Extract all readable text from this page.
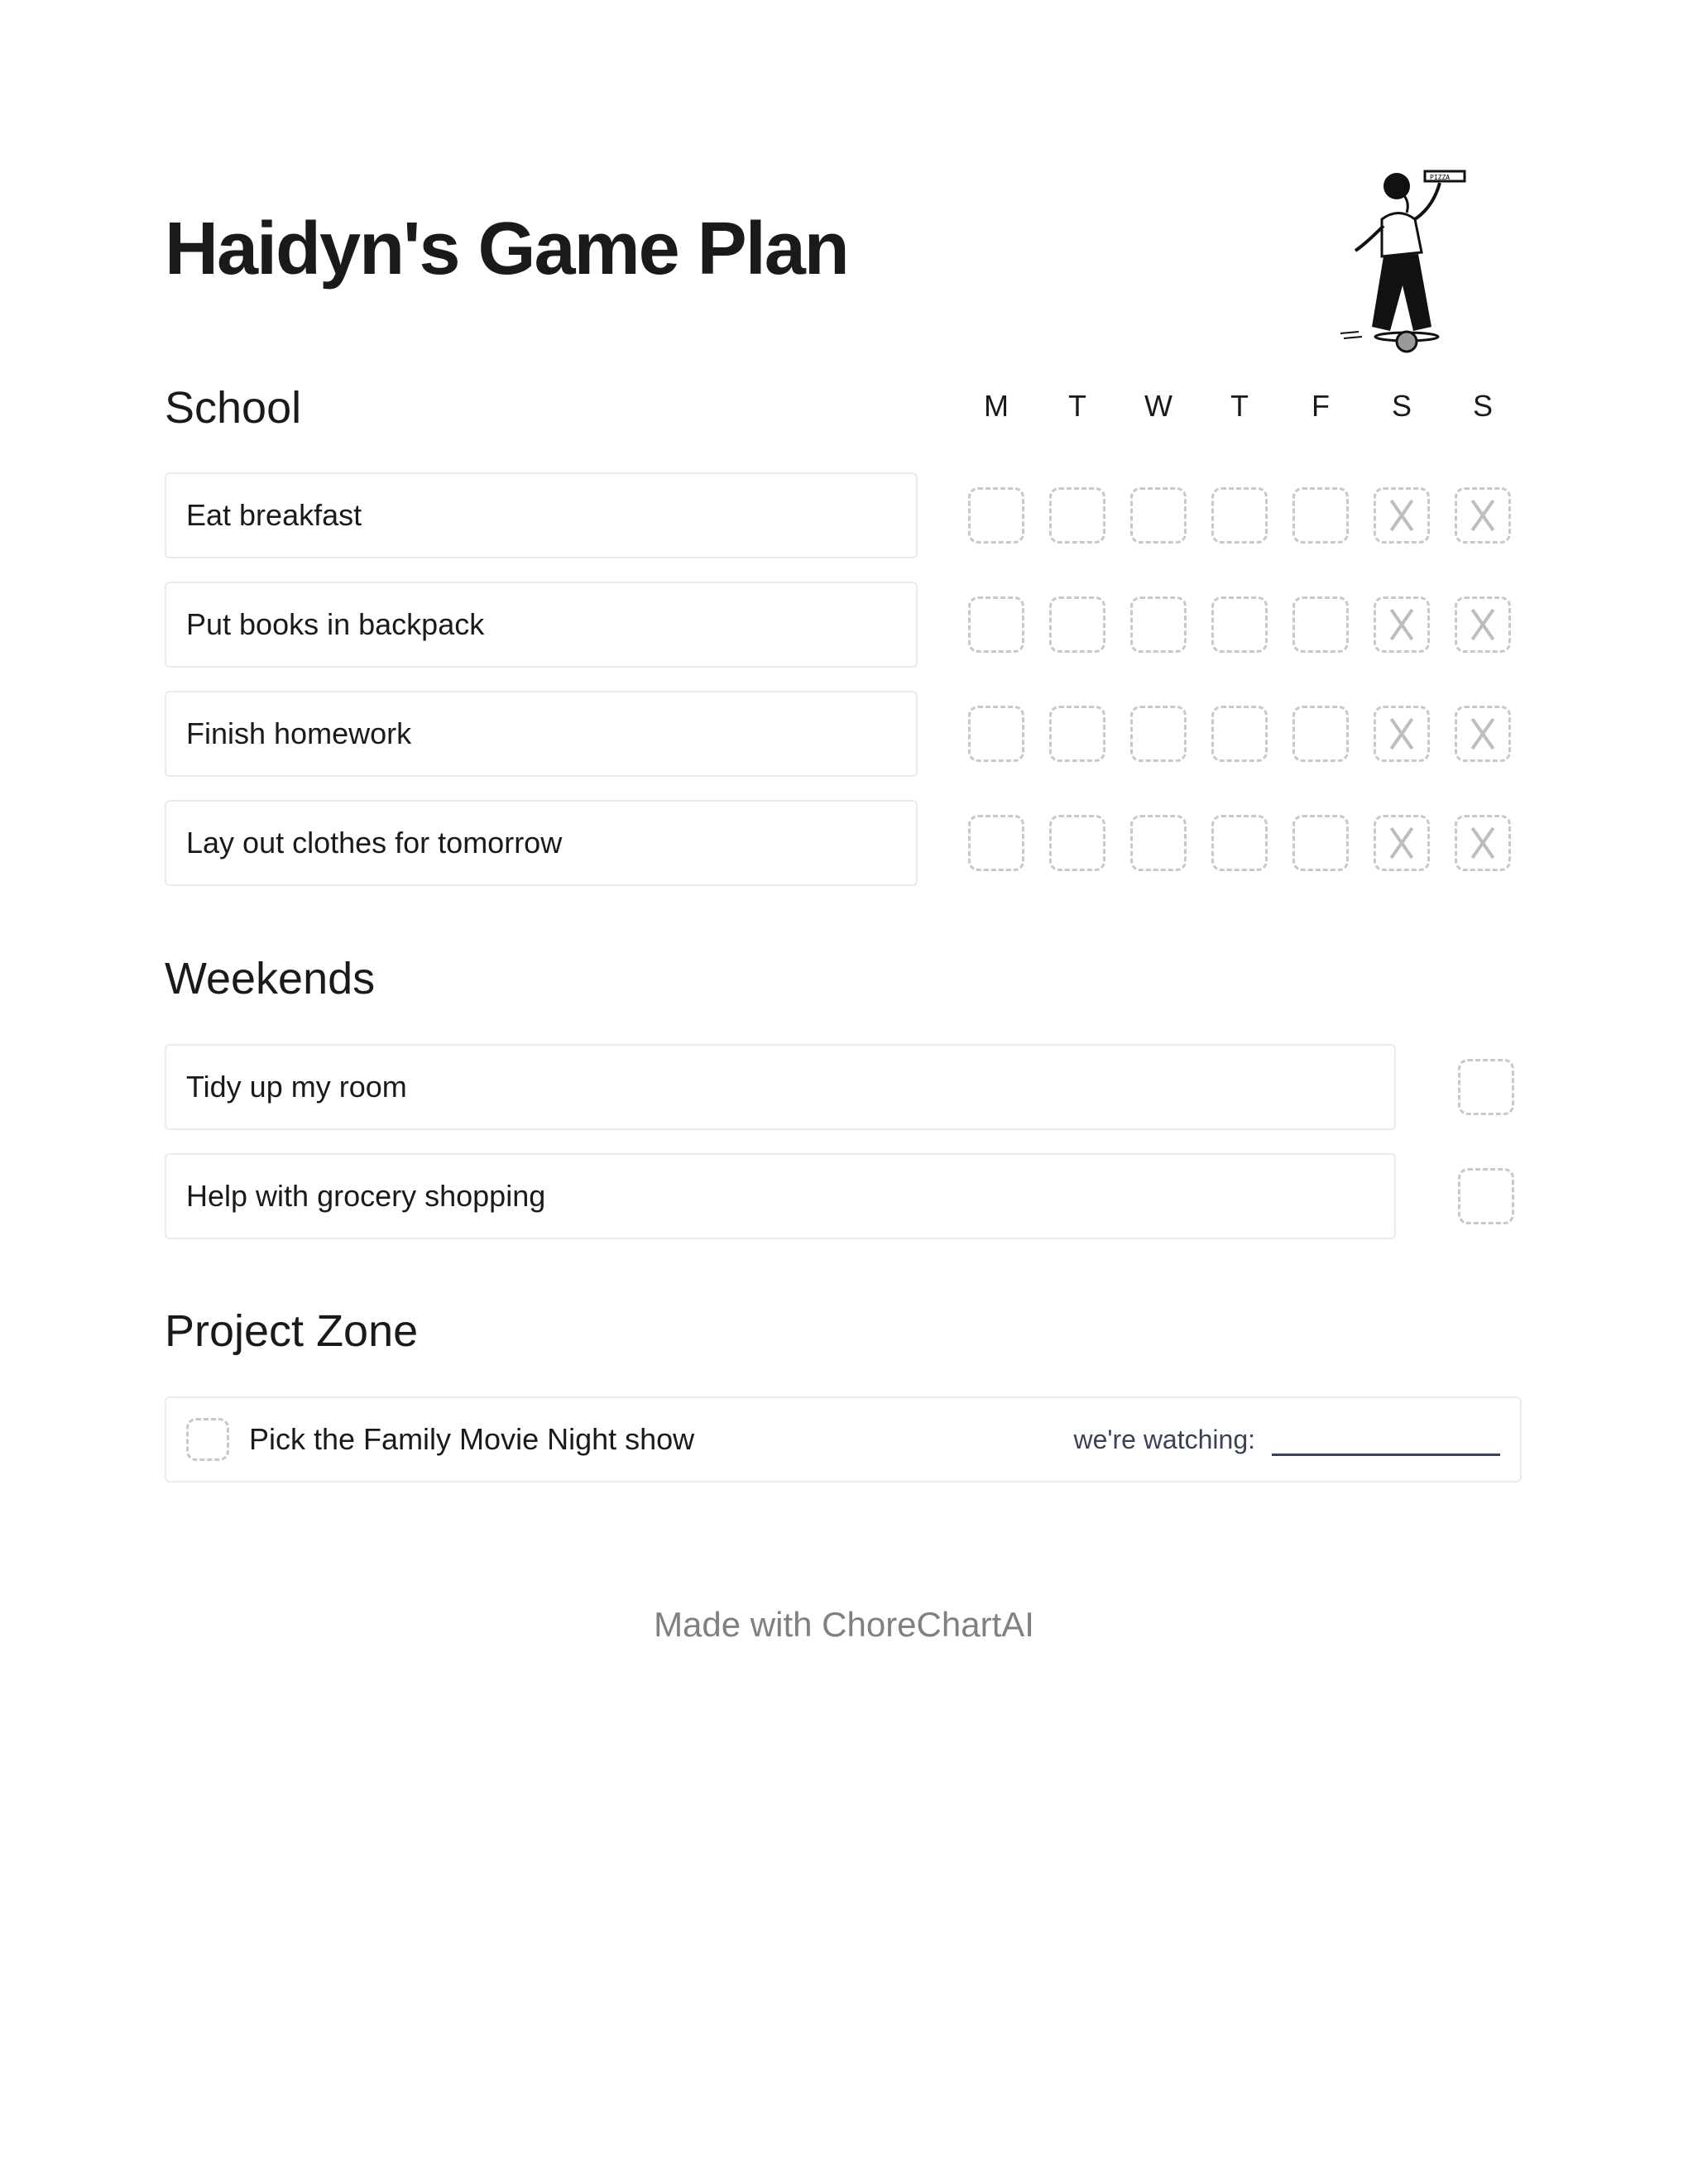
Haidyn's Game Plan
PIZZA
School	M	T	W	T	F	S	S
Eat breakfast
Put books in backpack
Finish homework
Lay out clothes for tomorrow
Weekends
Tidy up my room
Help with grocery shopping
Project Zone
Pick the Family Movie Night show	we're watching:
Made with ChoreChartAI
